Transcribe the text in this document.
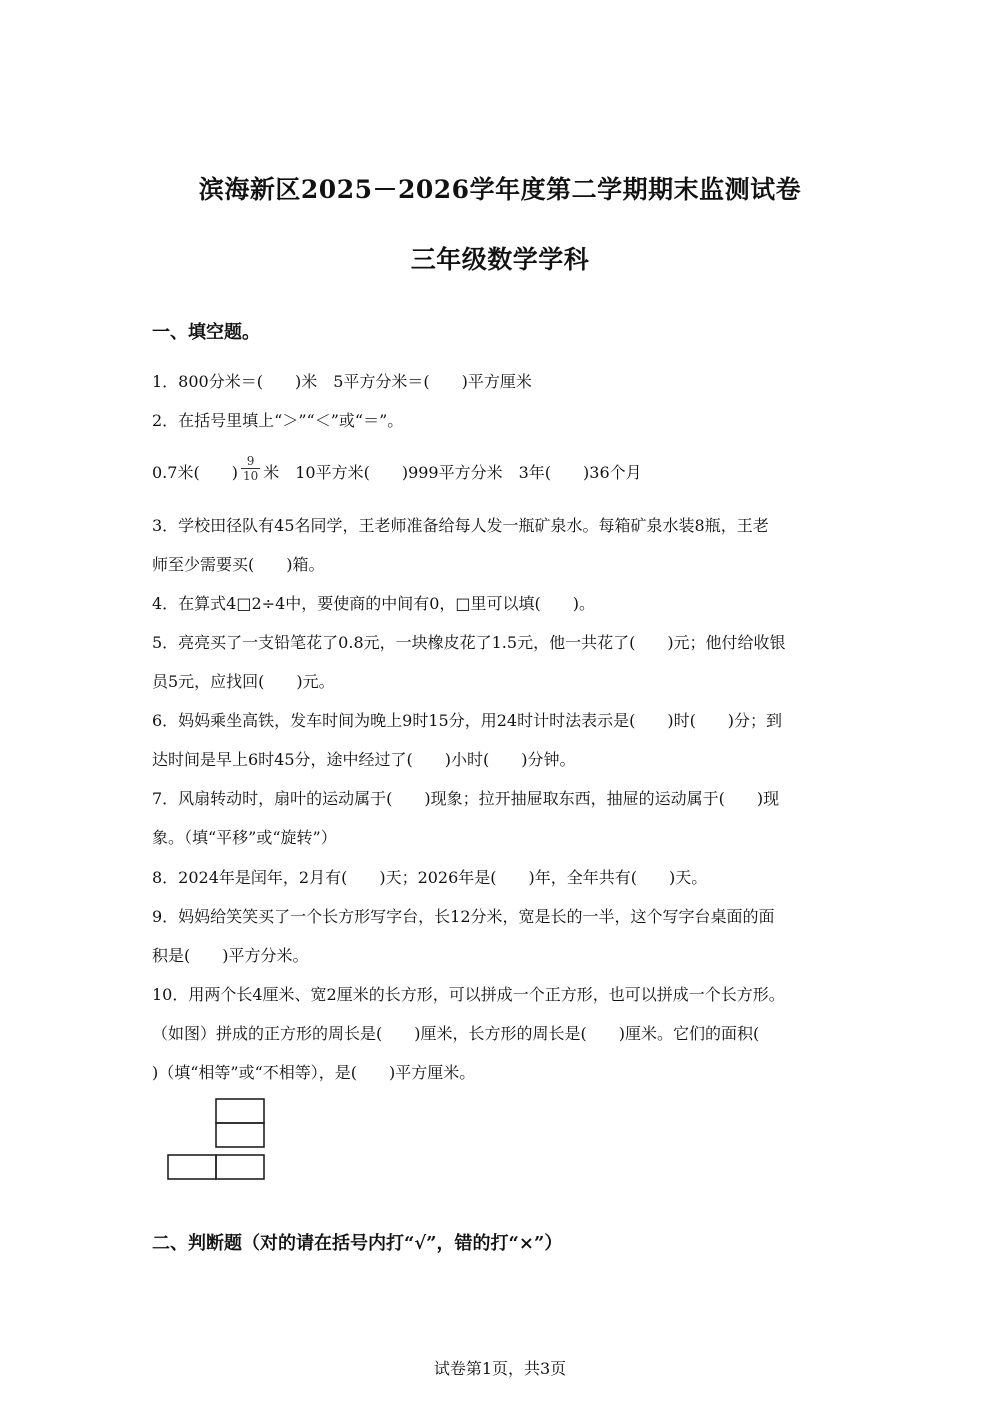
滨海新区2025－2026学年度第二学期期末监测试卷
三年级数学学科
一、填空题。
1．800分米＝(　　)米　5平方分米＝(　　)平方厘米
2．在括号里填上“＞”“＜”或“＝”。
0.7米(　　) $\frac{9}{10}$ 米　10平方米(　　)999平方分米　3年(　　)36个月
3．学校田径队有45名同学，王老师准备给每人发一瓶矿泉水。每箱矿泉水装8瓶，王老
师至少需要买(　　)箱。
4．在算式4□2÷4中，要使商的中间有0，□里可以填(　　)。
5．亮亮买了一支铅笔花了0.8元，一块橡皮花了1.5元，他一共花了(　　)元；他付给收银
员5元，应找回(　　)元。
6．妈妈乘坐高铁，发车时间为晚上9时15分，用24时计时法表示是(　　)时(　　)分；到
达时间是早上6时45分，途中经过了(　　)小时(　　)分钟。
7．风扇转动时，扇叶的运动属于(　　)现象；拉开抽屉取东西，抽屉的运动属于(　　)现
象。（填“平移”或“旋转”）
8．2024年是闰年，2月有(　　)天；2026年是(　　)年，全年共有(　　)天。
9．妈妈给笑笑买了一个长方形写字台，长12分米，宽是长的一半，这个写字台桌面的面
积是(　　)平方分米。
10．用两个长4厘米、宽2厘米的长方形，可以拼成一个正方形，也可以拼成一个长方形。
（如图）拼成的正方形的周长是(　　)厘米，长方形的周长是(　　)厘米。它们的面积(
)（填“相等”或“不相等），是(　　)平方厘米。
二、判断题（对的请在括号内打“√”，错的打“×”）
试卷第1页，共3页
